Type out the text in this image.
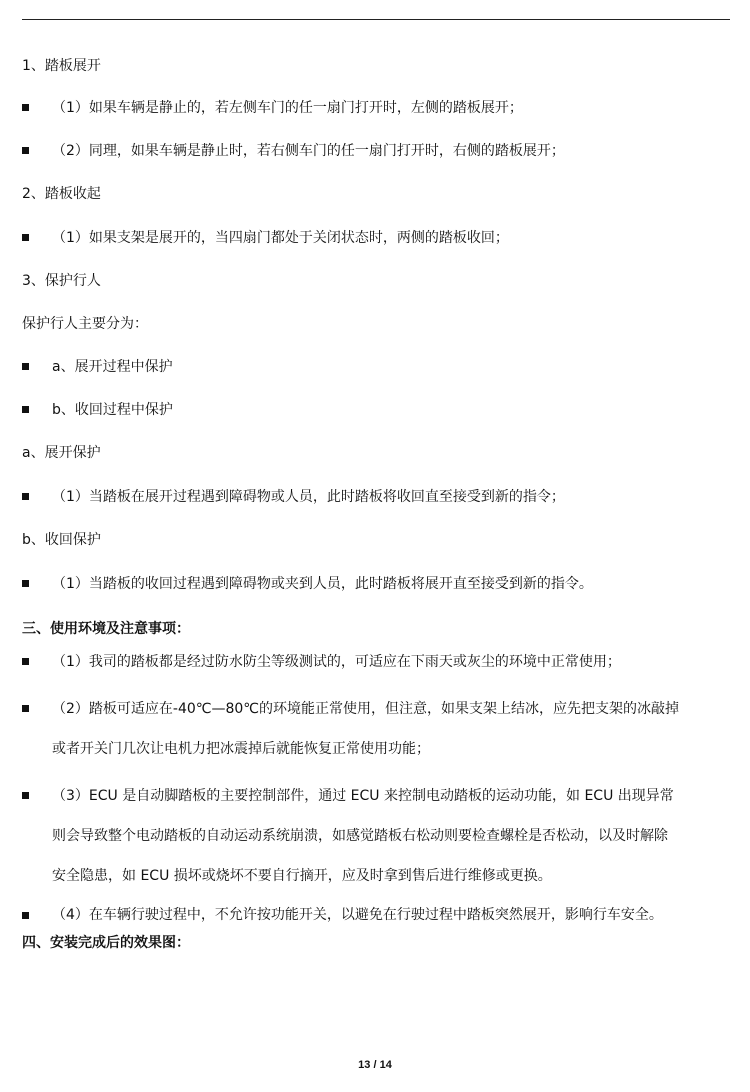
1、踏板展开
（1）如果车辆是静止的，若左侧车门的任一扇门打开时，左侧的踏板展开；
（2）同理，如果车辆是静止时，若右侧车门的任一扇门打开时，右侧的踏板展开；
2、踏板收起
（1）如果支架是展开的，当四扇门都处于关闭状态时，两侧的踏板收回；
3、保护行人
保护行人主要分为：
a、展开过程中保护
b、收回过程中保护
a、展开保护
（1）当踏板在展开过程遇到障碍物或人员，此时踏板将收回直至接受到新的指令；
b、收回保护
（1）当踏板的收回过程遇到障碍物或夹到人员，此时踏板将展开直至接受到新的指令。
三、使用环境及注意事项：
（1）我司的踏板都是经过防水防尘等级测试的，可适应在下雨天或灰尘的环境中正常使用；
（2）踏板可适应在-40℃—80℃的环境能正常使用，但注意，如果支架上结冰，应先把支架的冰敲掉
或者开关门几次让电机力把冰震掉后就能恢复正常使用功能；
（3）ECU 是自动脚踏板的主要控制部件，通过 ECU 来控制电动踏板的运动功能，如 ECU 出现异常
则会导致整个电动踏板的自动运动系统崩溃，如感觉踏板右松动则要检查螺栓是否松动，以及时解除
安全隐患，如 ECU 损坏或烧坏不要自行摘开，应及时拿到售后进行维修或更换。
（4）在车辆行驶过程中，不允许按功能开关，以避免在行驶过程中踏板突然展开，影响行车安全。
四、安装完成后的效果图：
13 / 14
